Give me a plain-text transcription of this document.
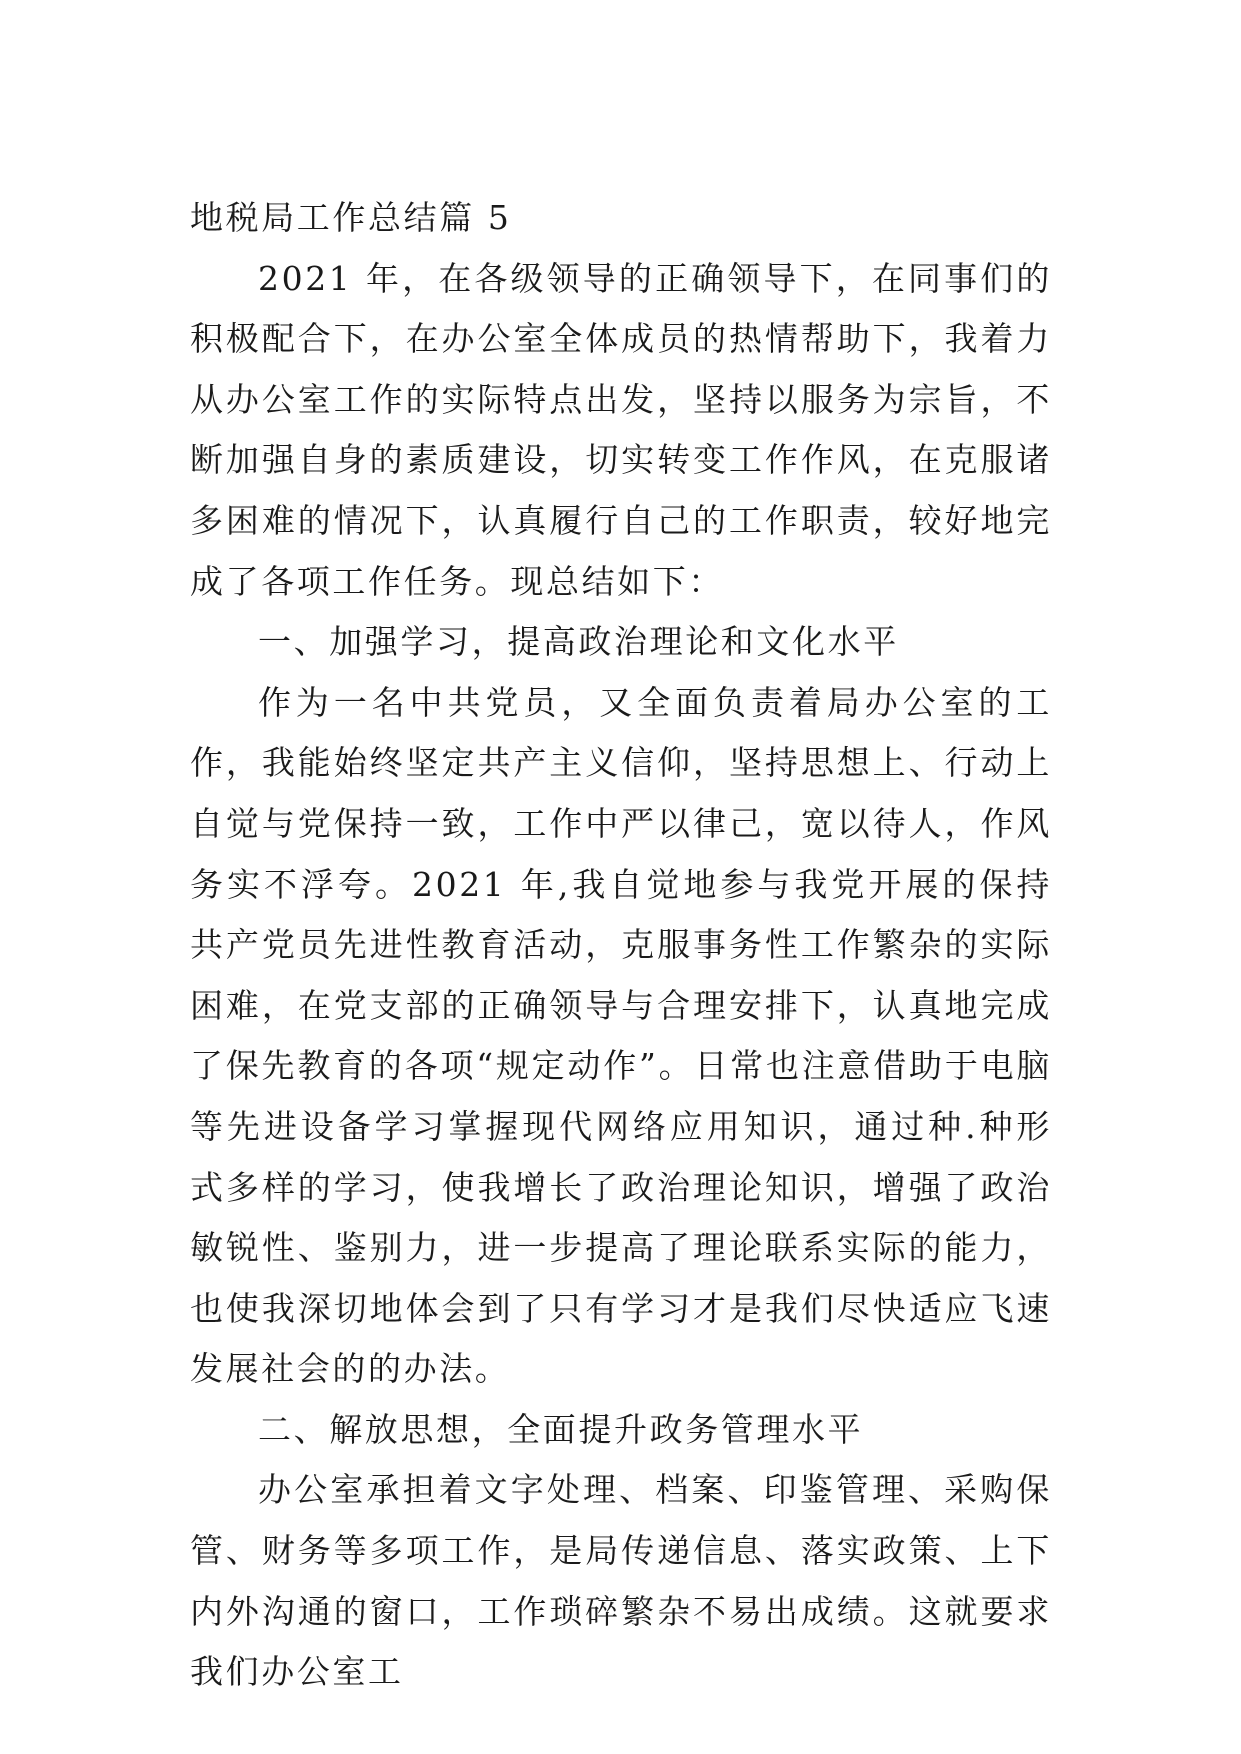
地税局工作总结篇 5

2021 年，在各级领导的正确领导下，在同事们的积极配合下，在办公室全体成员的热情帮助下，我着力从办公室工作的实际特点出发，坚持以服务为宗旨，不断加强自身的素质建设，切实转变工作作风，在克服诸多困难的情况下，认真履行自己的工作职责，较好地完成了各项工作任务。现总结如下：

一、加强学习，提高政治理论和文化水平

作为一名中共党员，又全面负责着局办公室的工作，我能始终坚定共产主义信仰，坚持思想上、行动上自觉与党保持一致，工作中严以律己，宽以待人，作风务实不浮夸。2021 年,我自觉地参与我党开展的保持共产党员先进性教育活动，克服事务性工作繁杂的实际困难，在党支部的正确领导与合理安排下，认真地完成了保先教育的各项“规定动作”。日常也注意借助于电脑等先进设备学习掌握现代网络应用知识，通过种.种形式多样的学习，使我增长了政治理论知识，增强了政治敏锐性、鉴别力，进一步提高了理论联系实际的能力，也使我深切地体会到了只有学习才是我们尽快适应飞速发展社会的的办法。

二、解放思想，全面提升政务管理水平

办公室承担着文字处理、档案、印鉴管理、采购保管、财务等多项工作，是局传递信息、落实政策、上下内外沟通的窗口，工作琐碎繁杂不易出成绩。这就要求我们办公室工
